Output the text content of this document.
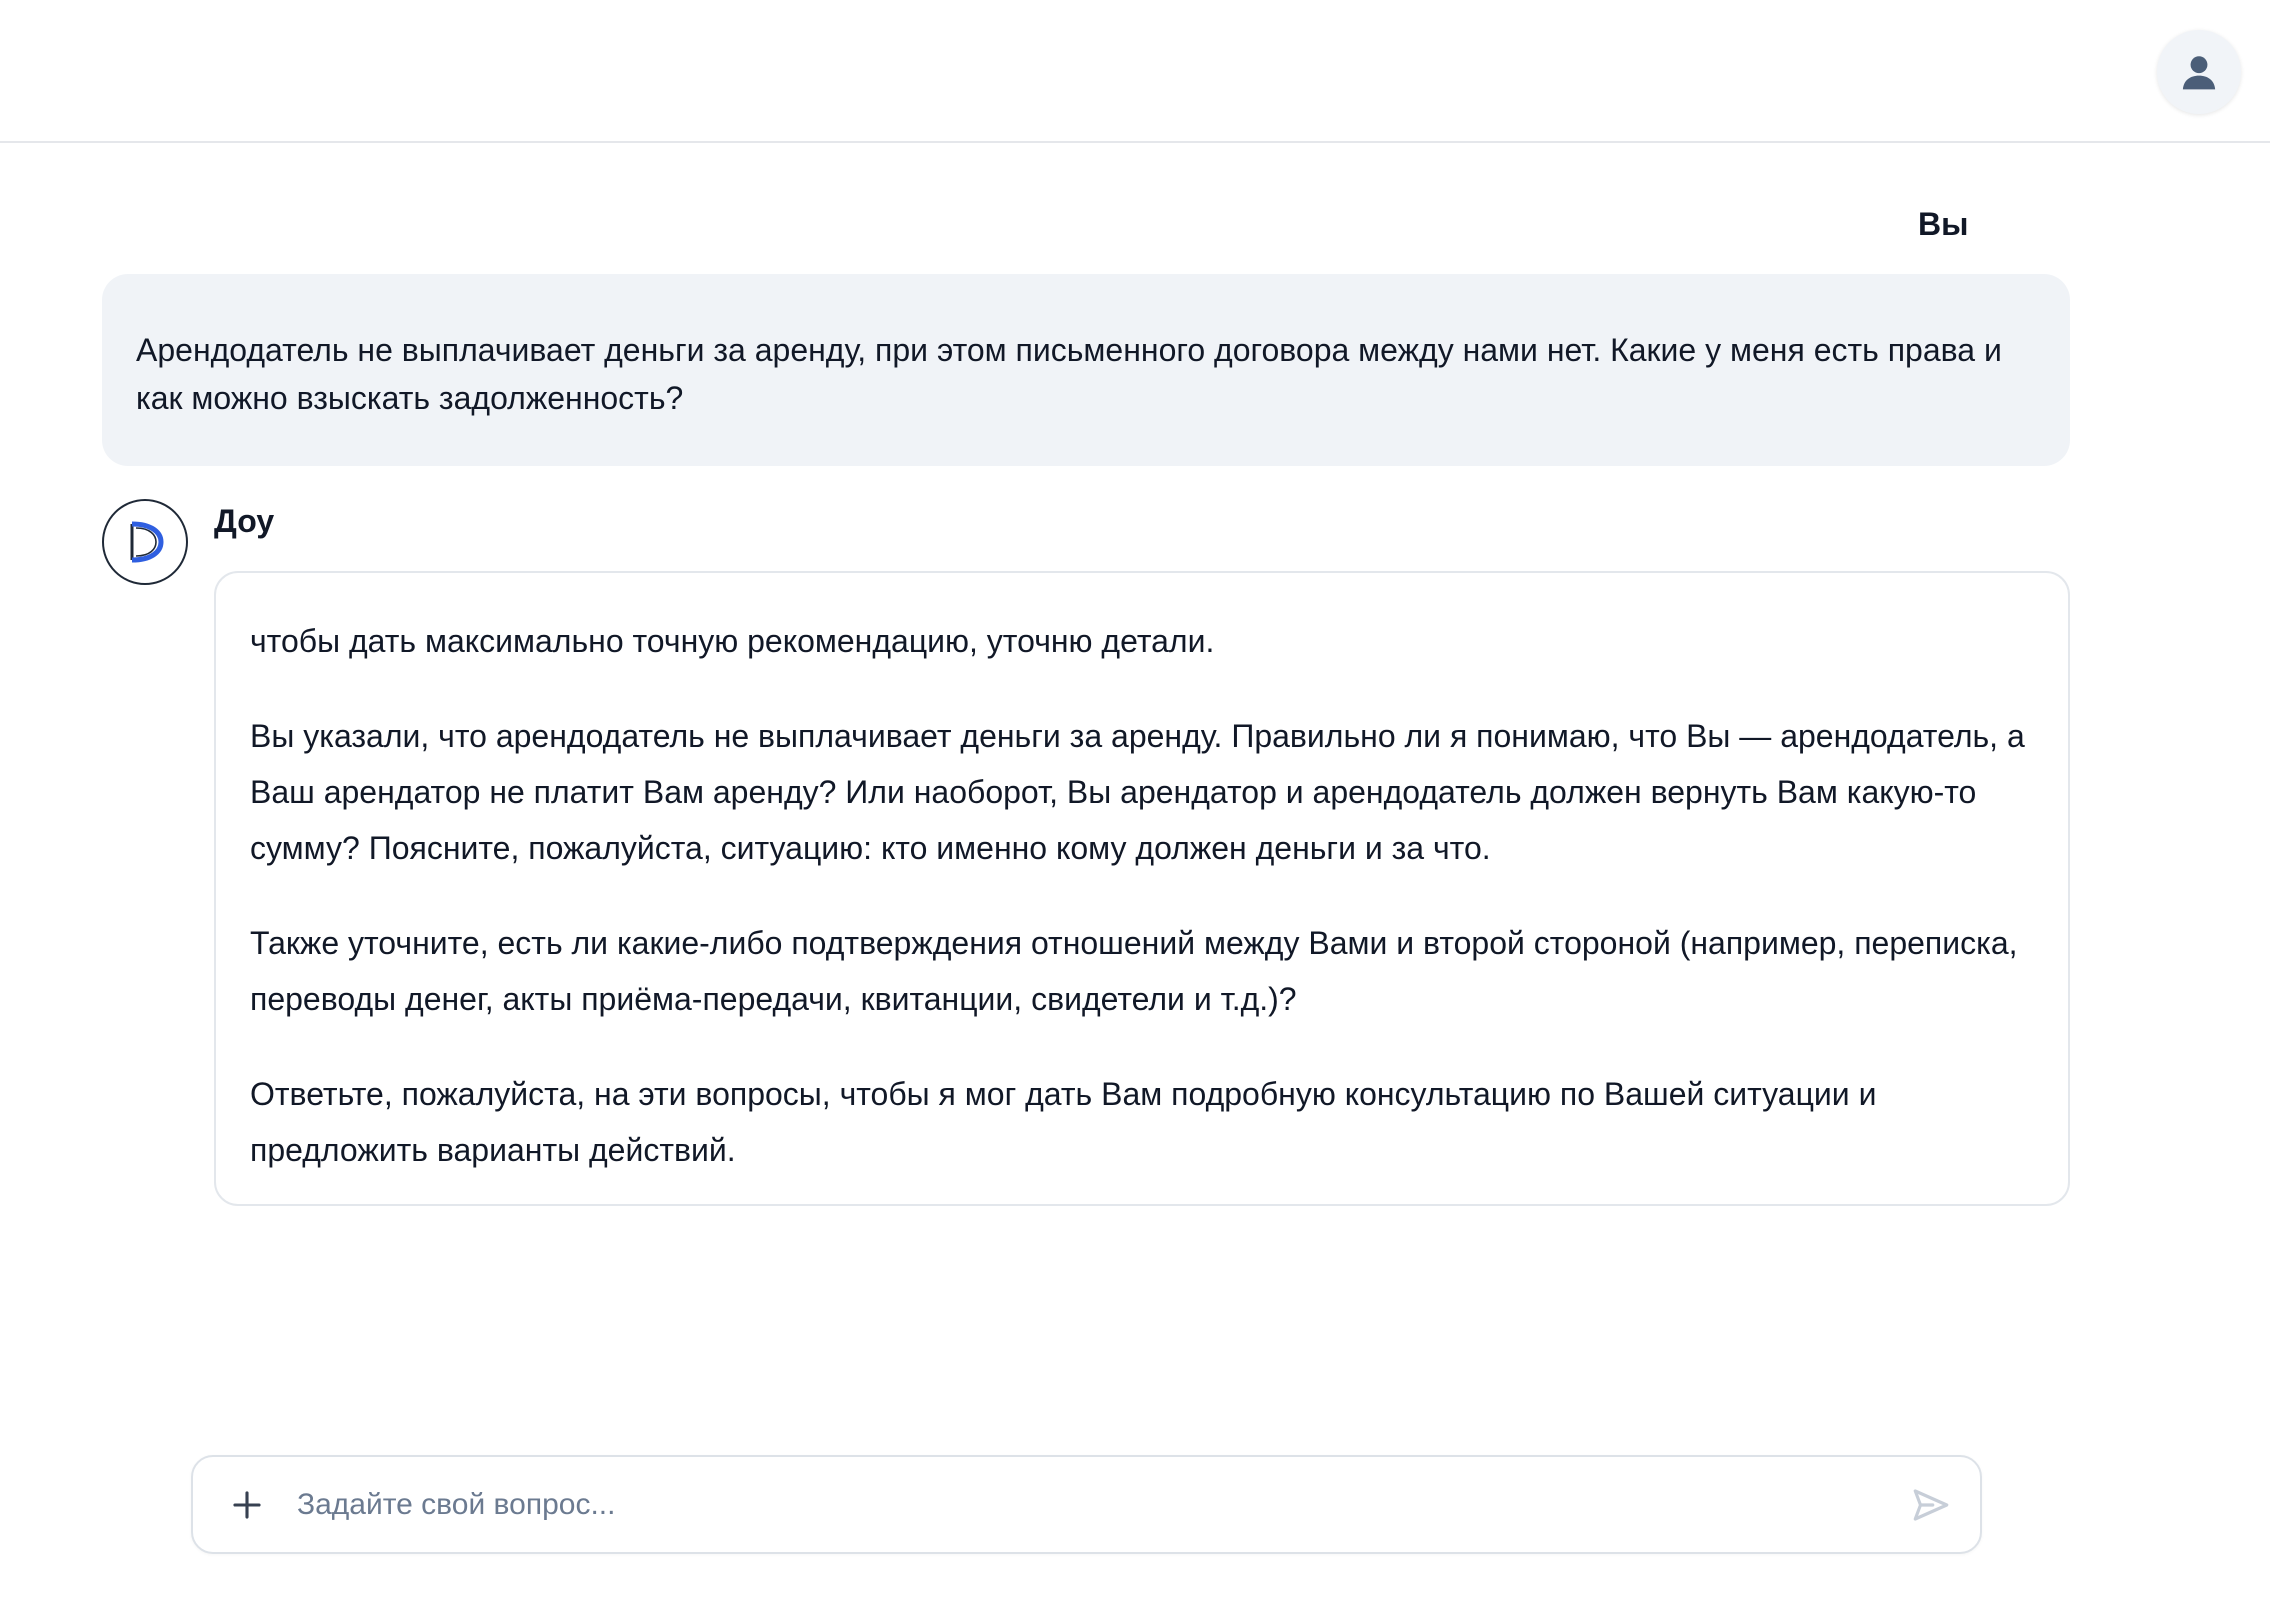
Вы
Арендодатель не выплачивает деньги за аренду, при этом письменного договора между нами нет. Какие у меня есть права и как можно взыскать задолженность?
Доу

чтобы дать максимально точную рекомендацию, уточню детали.

Вы указали, что арендодатель не выплачивает деньги за аренду. Правильно ли я понимаю, что Вы — арендодатель, а Ваш арендатор не платит Вам аренду? Или наоборот, Вы арендатор и арендодатель должен вернуть Вам какую-то сумму? Поясните, пожалуйста, ситуацию: кто именно кому должен деньги и за что.

Также уточните, есть ли какие-либо подтверждения отношений между Вами и второй стороной (например, переписка, переводы денег, акты приёма-передачи, квитанции, свидетели и т.д.)?

Ответьте, пожалуйста, на эти вопросы, чтобы я мог дать Вам подробную консультацию по Вашей ситуации и предложить варианты действий.

Задайте свой вопрос...
